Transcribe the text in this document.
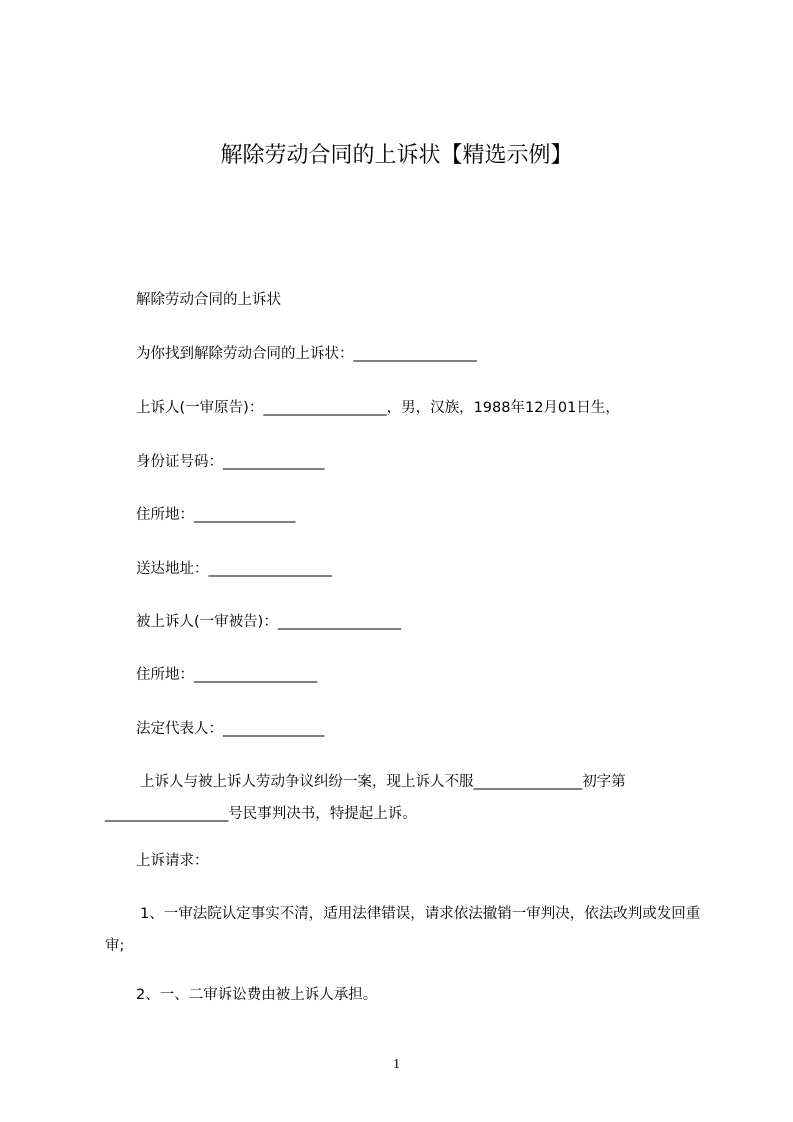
解除劳动合同的上诉状【精选示例】
解除劳动合同的上诉状
为你找到解除劳动合同的上诉状：_________________
上诉人(一审原告)：_________________，男，汉族，1988年12月01日生，
身份证号码：______________
住所地：______________
送达地址：_________________
被上诉人(一审被告)：_________________
住所地：_________________
法定代表人：______________
上诉人与被上诉人劳动争议纠纷一案，现上诉人不服_______________初字第_________________号民事判决书，特提起上诉。
上诉请求：
1、一审法院认定事实不清，适用法律错误，请求依法撤销一审判决，依法改判或发回重审;
2、一、二审诉讼费由被上诉人承担。
1
